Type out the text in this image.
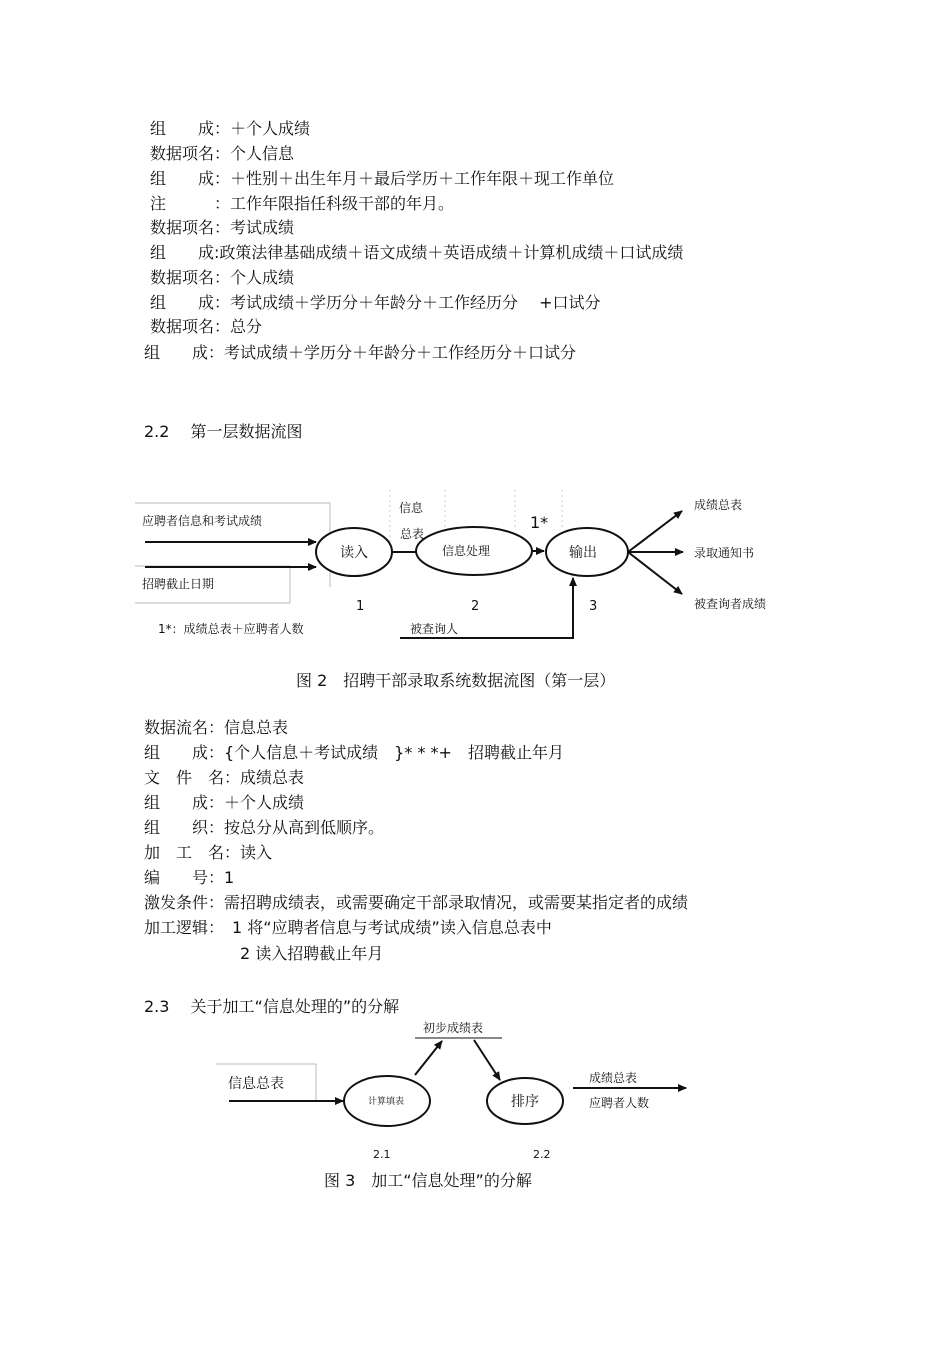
组　　成：＋个人成绩
数据项名：个人信息
组　　成：＋性别＋出生年月＋最后学历＋工作年限＋现工作单位
注　　　：工作年限指任科级干部的年月。
数据项名：考试成绩
组　　成:政策法律基础成绩＋语文成绩＋英语成绩＋计算机成绩＋口试成绩
数据项名：个人成绩
组　　成：考试成绩＋学历分＋年龄分＋工作经历分　 +口试分
数据项名：总分
组　　成：考试成绩＋学历分＋年龄分＋工作经历分＋口试分
2.2　 第一层数据流图
应聘者信息和考试成绩
招聘截止日期
信息
总表
1*
读入	信息处理	输出
成绩总表
录取通知书
被查询者成绩
被查询人
1	2	3
1*：成绩总表＋应聘者人数
图 2　招聘干部录取系统数据流图（第一层）
数据流名：信息总表
组　　成：{个人信息＋考试成绩　}* * *+　招聘截止年月
文　件　名：成绩总表
组　　成：＋个人成绩
组　　织：按总分从高到低顺序。
加　工　名：读入
编　　号：1
激发条件：需招聘成绩表，或需要确定干部录取情况，或需要某指定者的成绩
加工逻辑：　1 将“应聘者信息与考试成绩”读入信息总表中
　　　　　　2 读入招聘截止年月
2.3　 关于加工“信息处理的”的分解
初步成绩表
信息总表
计算填表	排序
成绩总表
应聘者人数
2.1	2.2
图 3　加工“信息处理”的分解
